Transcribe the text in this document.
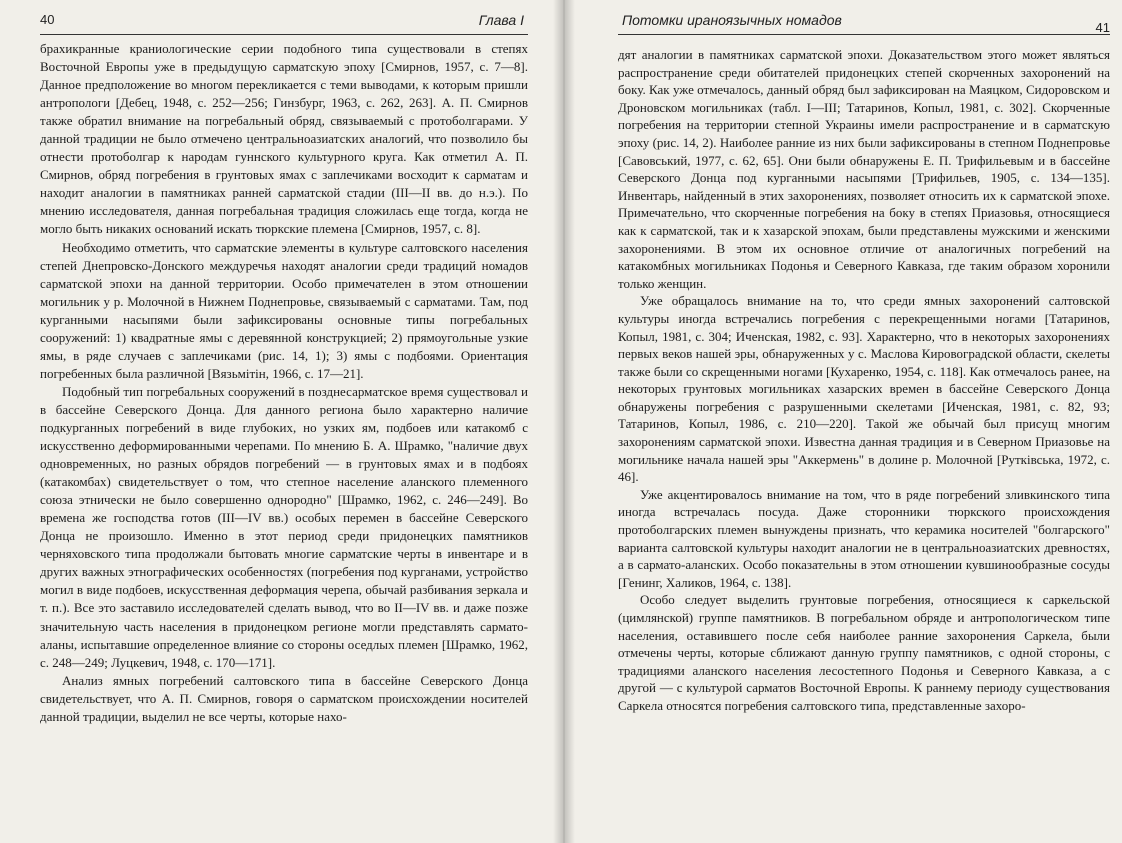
40	Глава I

брахикранные краниологические серии подобного типа существовали в степях Восточной Европы уже в предыдущую сарматскую эпоху [Смирнов, 1957, с. 7—8]. Данное предположение во многом перекликается с теми выводами, к которым пришли антропологи [Дебец, 1948, с. 252—256; Гинзбург, 1963, с. 262, 263]. А. П. Смирнов также обратил внимание на погребальный обряд, связываемый с протоболгарами. У данной традиции не было отмечено центральноазиатских аналогий, что позволило бы отнести протоболгар к народам гуннского культурного круга. Как отметил А. П. Смирнов, обряд погребения в грунтовых ямах с заплечиками восходит к сарматам и находит аналогии в памятниках ранней сарматской стадии (III—II вв. до н.э.). По мнению исследователя, данная погребальная традиция сложилась еще тогда, когда не могло быть никаких оснований искать тюркские племена [Смирнов, 1957, с. 8].

Необходимо отметить, что сарматские элементы в культуре салтовского населения степей Днепровско-Донского междуречья находят аналогии среди традиций номадов сарматской эпохи на данной территории. Особо примечателен в этом отношении могильник у р. Молочной в Нижнем Поднепровье, связываемый с сарматами. Там, под курганными насыпями были зафиксированы основные типы погребальных сооружений: 1) квадратные ямы с деревянной конструкцией; 2) прямоугольные узкие ямы, в ряде случаев с заплечиками (рис. 14, 1); 3) ямы с подбоями. Ориентация погребенных была различной [Вязьмітін, 1966, с. 17—21].

Подобный тип погребальных сооружений в позднесарматское время существовал и в бассейне Северского Донца. Для данного региона было характерно наличие подкурганных погребений в виде глубоких, но узких ям, подбоев или катакомб с искусственно деформированными черепами. По мнению Б. А. Шрамко, "наличие двух одновременных, но разных обрядов погребений — в грунтовых ямах и в подбоях (катакомбах) свидетельствует о том, что степное население аланского племенного союза этнически не было совершенно однородно" [Шрамко, 1962, с. 246—249]. Во времена же господства готов (III—IV вв.) особых перемен в бассейне Северского Донца не произошло. Именно в этот период среди придонецких памятников черняховского типа продолжали бытовать многие сарматские черты в инвентаре и в других важных этнографических особенностях (погребения под курганами, устройство могил в виде подбоев, искусственная деформация черепа, обычай разбивания зеркала и т. п.). Все это заставило исследователей сделать вывод, что во II—IV вв. и даже позже значительную часть населения в придонецком регионе могли представлять сармато-аланы, испытавшие определенное влияние со стороны оседлых племен [Шрамко, 1962, с. 248—249; Луцкевич, 1948, с. 170—171].

Анализ ямных погребений салтовского типа в бассейне Северского Донца свидетельствует, что А. П. Смирнов, говоря о сарматском происхождении носителей данной традиции, выделил не все черты, которые нахо-

Потомки ираноязычных номадов	41

дят аналогии в памятниках сарматской эпохи. Доказательством этого может являться распространение среди обитателей придонецких степей скорченных захоронений на боку. Как уже отмечалось, данный обряд был зафиксирован на Маяцком, Сидоровском и Дроновском могильниках (табл. I—III; Татаринов, Копыл, 1981, с. 302]. Скорченные погребения на территории степной Украины имели распространение и в сарматскую эпоху (рис. 14, 2). Наиболее ранние из них были зафиксированы в степном Поднепровье [Савовський, 1977, с. 62, 65]. Они были обнаружены Е. П. Трифильевым и в бассейне Северского Донца под курганными насыпями [Трифильев, 1905, с. 134—135]. Инвентарь, найденный в этих захоронениях, позволяет относить их к сарматской эпохе. Примечательно, что скорченные погребения на боку в степях Приазовья, относящиеся как к сарматской, так и к хазарской эпохам, были представлены мужскими и женскими захоронениями. В этом их основное отличие от аналогичных погребений на катакомбных могильниках Подонья и Северного Кавказа, где таким образом хоронили только женщин.

Уже обращалось внимание на то, что среди ямных захоронений салтовской культуры иногда встречались погребения с перекрещенными ногами [Татаринов, Копыл, 1981, с. 304; Иченская, 1982, с. 93]. Характерно, что в некоторых захоронениях первых веков нашей эры, обнаруженных у с. Маслова Кировоградской области, скелеты также были со скрещенными ногами [Кухаренко, 1954, с. 118]. Как отмечалось ранее, на некоторых грунтовых могильниках хазарских времен в бассейне Северского Донца обнаружены погребения с разрушенными скелетами [Иченская, 1981, с. 82, 93; Татаринов, Копыл, 1986, с. 210—220]. Такой же обычай был присущ многим захоронениям сарматской эпохи. Известна данная традиция и в Северном Приазовье на могильнике начала нашей эры "Аккермень" в долине р. Молочной [Рутківська, 1972, с. 46].

Уже акцентировалось внимание на том, что в ряде погребений зливкинского типа иногда встречалась посуда. Даже сторонники тюркского происхождения протоболгарских племен вынуждены признать, что керамика носителей "болгарского" варианта салтовской культуры находит аналогии не в центральноазиатских древностях, а в сармато-аланских. Особо показательны в этом отношении кувшинообразные сосуды [Генинг, Халиков, 1964, с. 138].

Особо следует выделить грунтовые погребения, относящиеся к саркельской (цимлянской) группе памятников. В погребальном обряде и антропологическом типе населения, оставившего после себя наиболее ранние захоронения Саркела, были отмечены черты, которые сближают данную группу памятников, с одной стороны, с традициями аланского населения лесостепного Подонья и Северного Кавказа, а с другой — с культурой сарматов Восточной Европы. К раннему периоду существования Саркела относятся погребения салтовского типа, представленные захоро-
